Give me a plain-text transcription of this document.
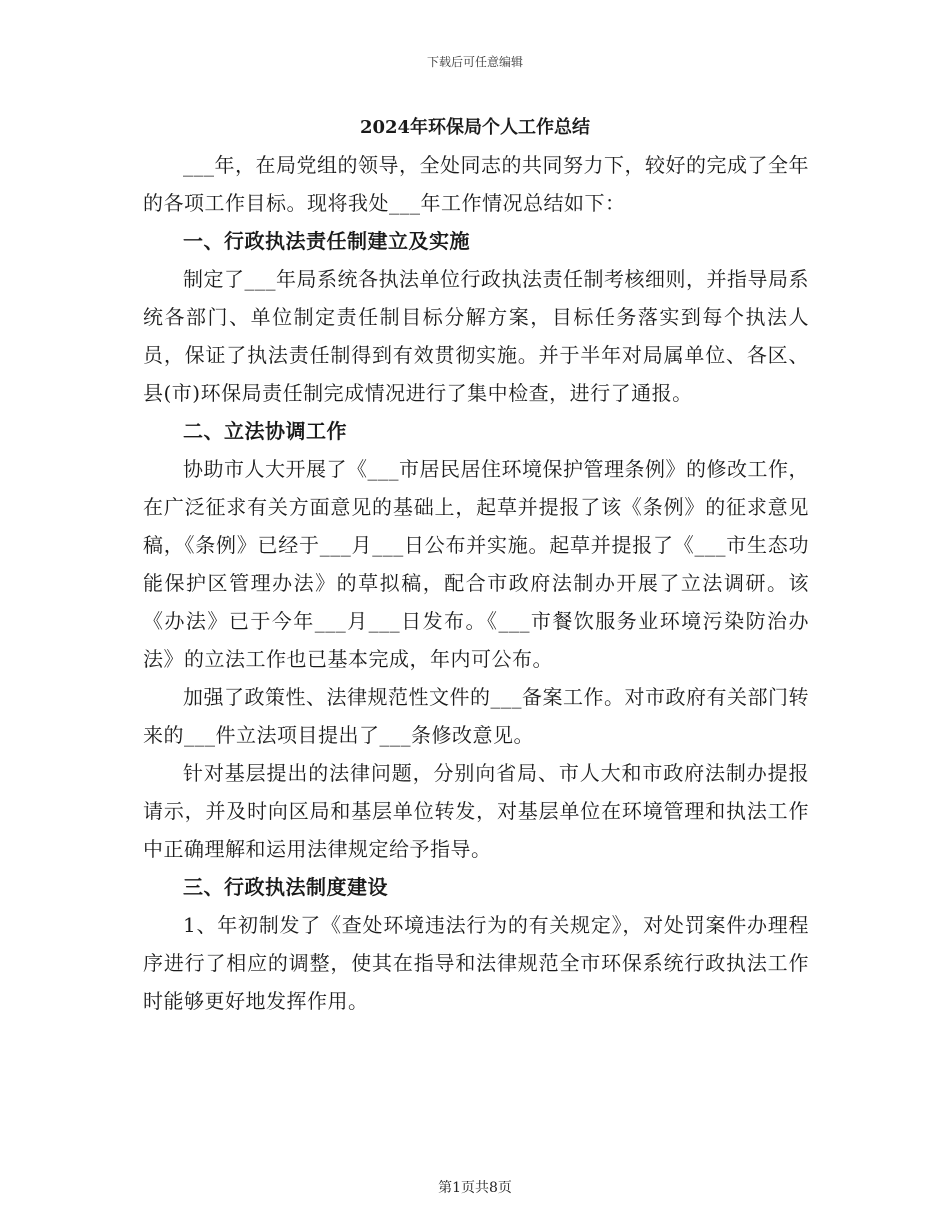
下载后可任意编辑
2024年环保局个人工作总结

___年，在局党组的领导，全处同志的共同努力下，较好的完成了全年的各项工作目标。现将我处___年工作情况总结如下：

一、行政执法责任制建立及实施

制定了___年局系统各执法单位行政执法责任制考核细则，并指导局系统各部门、单位制定责任制目标分解方案，目标任务落实到每个执法人员，保证了执法责任制得到有效贯彻实施。并于半年对局属单位、各区、县(市)环保局责任制完成情况进行了集中检查，进行了通报。

二、立法协调工作

协助市人大开展了《___市居民居住环境保护管理条例》的修改工作，在广泛征求有关方面意见的基础上，起草并提报了该《条例》的征求意见稿，《条例》已经于___月___日公布并实施。起草并提报了《___市生态功能保护区管理办法》的草拟稿，配合市政府法制办开展了立法调研。该《办法》已于今年___月___日发布。《___市餐饮服务业环境污染防治办法》的立法工作也已基本完成，年内可公布。

加强了政策性、法律规范性文件的___备案工作。对市政府有关部门转来的___件立法项目提出了___条修改意见。

针对基层提出的法律问题，分别向省局、市人大和市政府法制办提报请示，并及时向区局和基层单位转发，对基层单位在环境管理和执法工作中正确理解和运用法律规定给予指导。

三、行政执法制度建设

1、年初制发了《查处环境违法行为的有关规定》，对处罚案件办理程序进行了相应的调整，使其在指导和法律规范全市环保系统行政执法工作时能够更好地发挥作用。

第1页共8页
